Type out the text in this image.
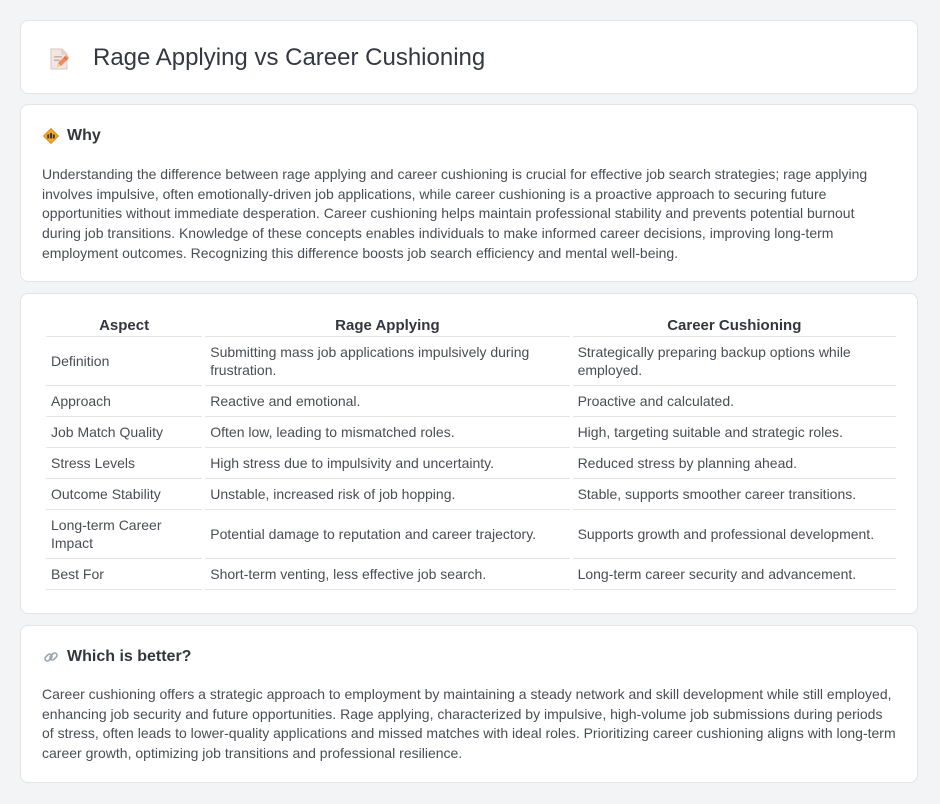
Rage Applying vs Career Cushioning
Why

Understanding the difference between rage applying and career cushioning is crucial for effective job search strategies; rage applying involves impulsive, often emotionally-driven job applications, while career cushioning is a proactive approach to securing future opportunities without immediate desperation. Career cushioning helps maintain professional stability and prevents potential burnout during job transitions. Knowledge of these concepts enables individuals to make informed career decisions, improving long-term employment outcomes. Recognizing this difference boosts job search efficiency and mental well-being.

Aspect	Rage Applying	Career Cushioning
Definition	Submitting mass job applications impulsively during frustration.	Strategically preparing backup options while employed.
Approach	Reactive and emotional.	Proactive and calculated.
Job Match Quality	Often low, leading to mismatched roles.	High, targeting suitable and strategic roles.
Stress Levels	High stress due to impulsivity and uncertainty.	Reduced stress by planning ahead.
Outcome Stability	Unstable, increased risk of job hopping.	Stable, supports smoother career transitions.
Long-term Career Impact	Potential damage to reputation and career trajectory.	Supports growth and professional development.
Best For	Short-term venting, less effective job search.	Long-term career security and advancement.
Which is better?

Career cushioning offers a strategic approach to employment by maintaining a steady network and skill development while still employed, enhancing job security and future opportunities. Rage applying, characterized by impulsive, high-volume job submissions during periods of stress, often leads to lower-quality applications and missed matches with ideal roles. Prioritizing career cushioning aligns with long-term career growth, optimizing job transitions and professional resilience.
